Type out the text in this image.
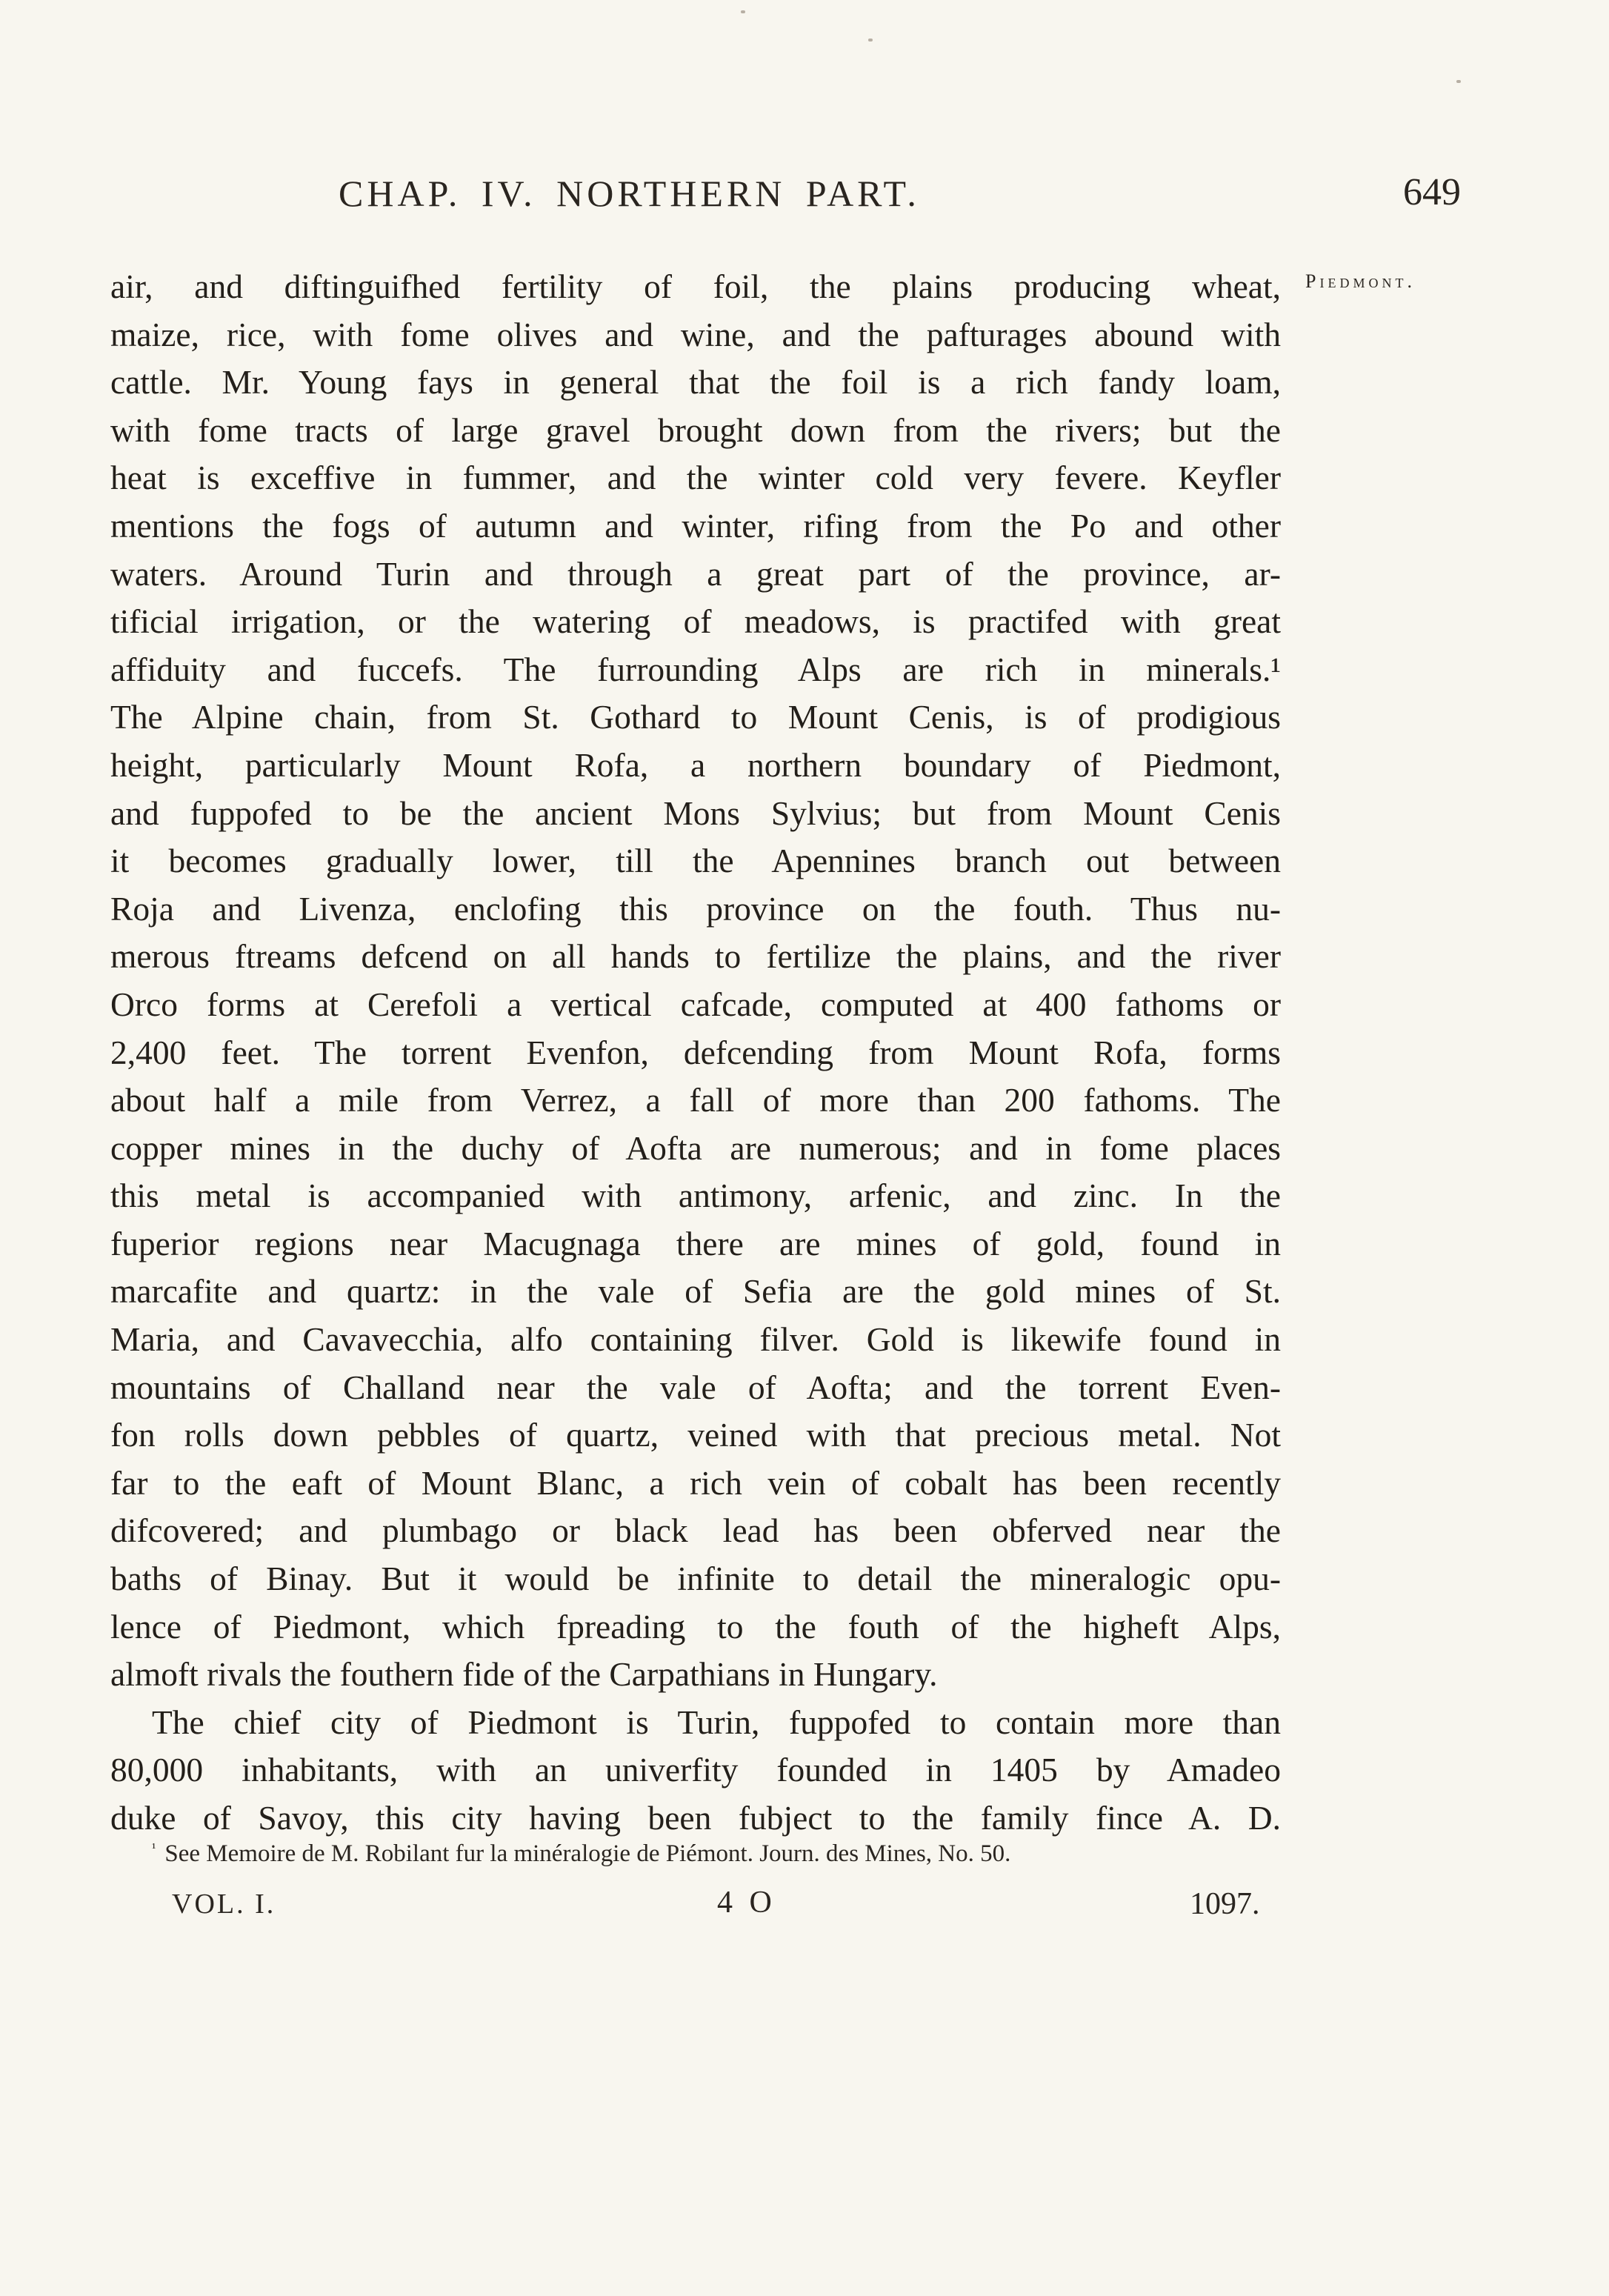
CHAP. IV. NORTHERN PART.	649
Piedmont.
air, and diftinguifhed fertility of foil, the plains producing wheat,
maize, rice, with fome olives and wine, and the pafturages abound with
cattle. Mr. Young fays in general that the foil is a rich fandy loam,
with fome tracts of large gravel brought down from the rivers; but the
heat is exceffive in fummer, and the winter cold very fevere. Keyfler
mentions the fogs of autumn and winter, rifing from the Po and other
waters. Around Turin and through a great part of the province, ar-
tificial irrigation, or the watering of meadows, is practifed with great
affiduity and fuccefs. The furrounding Alps are rich in minerals.¹
The Alpine chain, from St. Gothard to Mount Cenis, is of prodigious
height, particularly Mount Rofa, a northern boundary of Piedmont,
and fuppofed to be the ancient Mons Sylvius; but from Mount Cenis
it becomes gradually lower, till the Apennines branch out between
Roja and Livenza, enclofing this province on the fouth. Thus nu-
merous ftreams defcend on all hands to fertilize the plains, and the river
Orco forms at Cerefoli a vertical cafcade, computed at 400 fathoms or
2,400 feet. The torrent Evenfon, defcending from Mount Rofa, forms
about half a mile from Verrez, a fall of more than 200 fathoms. The
copper mines in the duchy of Aofta are numerous; and in fome places
this metal is accompanied with antimony, arfenic, and zinc. In the
fuperior regions near Macugnaga there are mines of gold, found in
marcafite and quartz: in the vale of Sefia are the gold mines of St.
Maria, and Cavavecchia, alfo containing filver. Gold is likewife found in
mountains of Challand near the vale of Aofta; and the torrent Even-
fon rolls down pebbles of quartz, veined with that precious metal. Not
far to the eaft of Mount Blanc, a rich vein of cobalt has been recently
difcovered; and plumbago or black lead has been obferved near the
baths of Binay. But it would be infinite to detail the mineralogic opu-
lence of Piedmont, which fpreading to the fouth of the higheft Alps,
almoft rivals the fouthern fide of the Carpathians in Hungary.
The chief city of Piedmont is Turin, fuppofed to contain more than
80,000 inhabitants, with an univerfity founded in 1405 by Amadeo
duke of Savoy, this city having been fubject to the family fince A. D.
$^{^1}$ See Memoire de M. Robilant fur la minéralogie de Piémont. Journ. des Mines, No. 50.
VOL. I.	4 O	1097.
